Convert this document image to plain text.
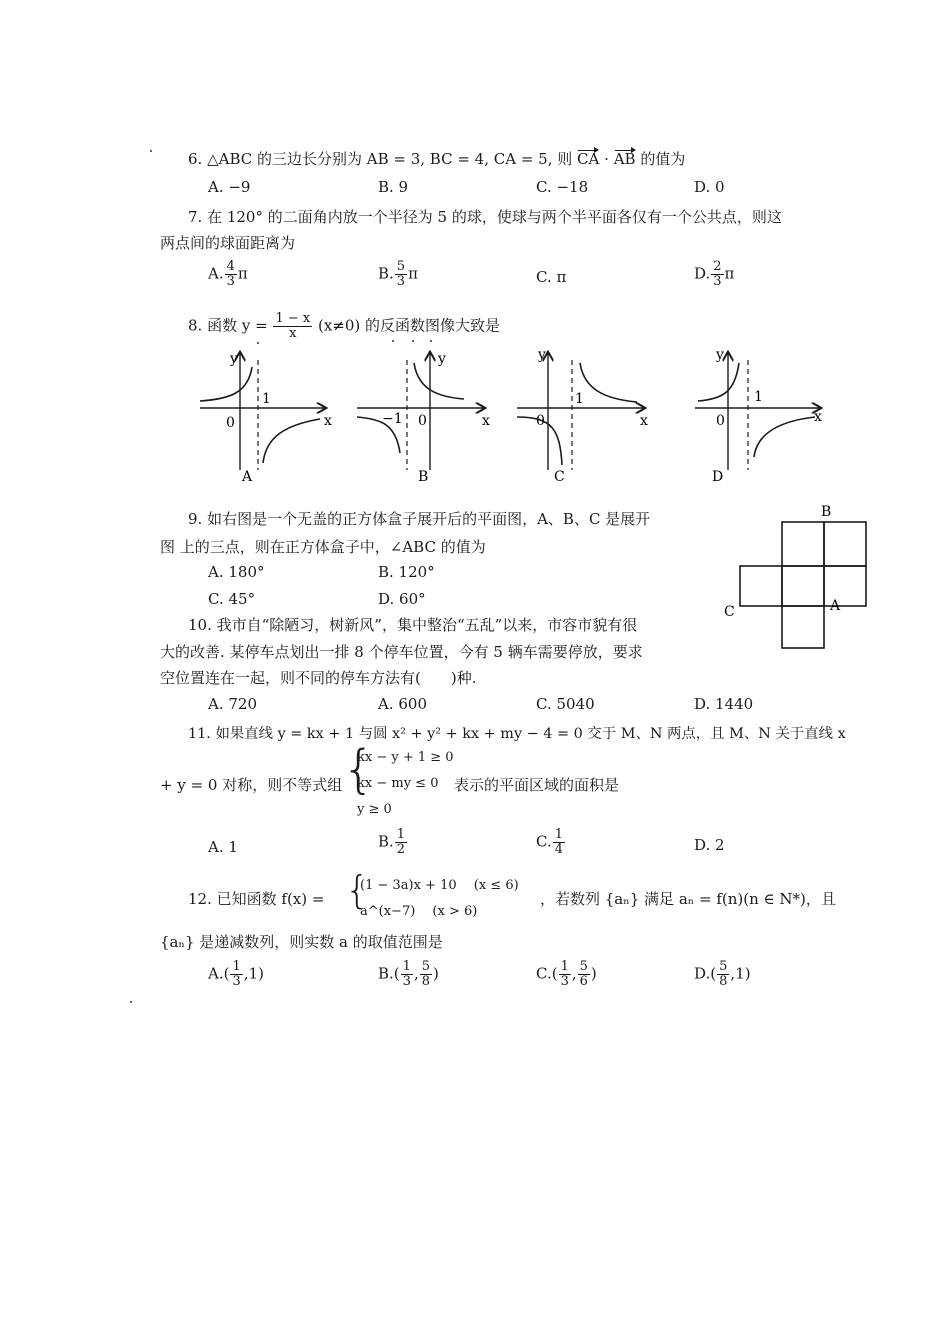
6. △ABC 的三边长分别为 AB = 3, BC = 4, CA = 5, 则 CA · AB 的值为
A. −9	B. 9	C. −18	D. 0
7. 在 120° 的二面角内放一个半径为 5 的球，使球与两个半平面各仅有一个公共点，则这
两点间的球面距离为
A. $\frac{4}{3}$ π	B. $\frac{5}{3}$ π	C. π	D. $\frac{2}{3}$ π
8. 函数 $y = \frac{1 - x}{x} (x\ne 0)$ 的反函数图像大致是
y
x
0
1
A
y
x
0
−1
B
y
x
0
1
C
y
x
0
1
D
9. 如右图是一个无盖的正方体盒子展开后的平面图，A、B、C 是展开
图 上的三点，则在正方体盒子中，∠ABC 的值为
A. 180°	B. 120°
C. 45°	D. 60°
B
A
C
10. 我市自“除陋习，树新风”，集中整治“五乱”以来，市容市貌有很
大的改善. 某停车点划出一排 8 个停车位置，今有 5 辆车需要停放，要求
空位置连在一起，则不同的停车方法有(　　)种.
A. 720	A. 600	C. 5040	D. 1440
11. 如果直线 y = kx + 1 与圆 x² + y² + kx + my − 4 = 0 交于 M、N 两点，且 M、N 关于直线 x
+ y = 0 对称，则不等式组 {
kx − y + 1 ≥ 0
kx − my ≤ 0
y ≥ 0
表示的平面区域的面积是
A. 1	B. $\frac{1}{2}$	C. $\frac{1}{4}$	D. 2
12. 已知函数 f(x) = {
(1 − 3a)x + 10　 (x ≤ 6)
a^(x−7)　 (x > 6)
，若数列 {aₙ} 满足 aₙ = f(n)(n ∈ N*)，且
{aₙ} 是递减数列，则实数 a 的取值范围是
$A.( \frac{1}{3} ,1)$	$B.( \frac{1}{3}$ , $\frac{5}{8}$ )	$C.( \frac{1}{3}$ , $\frac{5}{6}$ )	$D.( \frac{5}{8} ,1)$
